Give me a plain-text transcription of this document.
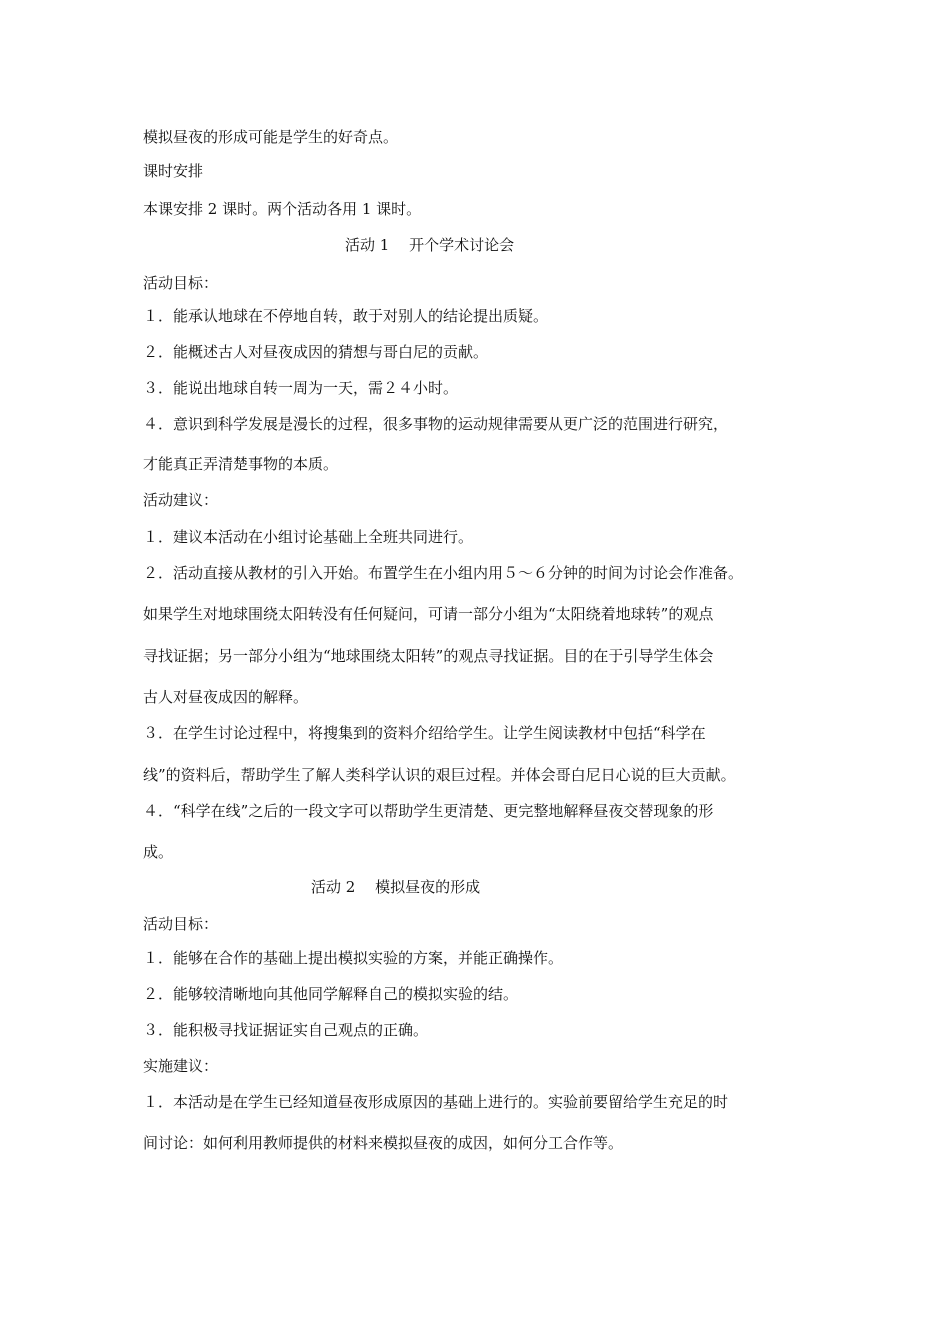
模拟昼夜的形成可能是学生的好奇点。
课时安排
本课安排 2 课时。两个活动各用 1 课时。
活动 1　 开个学术讨论会
活动目标：
１．能承认地球在不停地自转，敢于对别人的结论提出质疑。
２．能概述古人对昼夜成因的猜想与哥白尼的贡献。
３．能说出地球自转一周为一天，需２４小时。
４．意识到科学发展是漫长的过程，很多事物的运动规律需要从更广泛的范围进行研究，
才能真正弄清楚事物的本质。
活动建议：
１．建议本活动在小组讨论基础上全班共同进行。
２．活动直接从教材的引入开始。布置学生在小组内用５～６分钟的时间为讨论会作准备。
如果学生对地球围绕太阳转没有任何疑问，可请一部分小组为“太阳绕着地球转”的观点
寻找证据；另一部分小组为“地球围绕太阳转”的观点寻找证据。目的在于引导学生体会
古人对昼夜成因的解释。
３．在学生讨论过程中，将搜集到的资料介绍给学生。让学生阅读教材中包括“科学在
线”的资料后，帮助学生了解人类科学认识的艰巨过程。并体会哥白尼日心说的巨大贡献。
４．“科学在线”之后的一段文字可以帮助学生更清楚、更完整地解释昼夜交替现象的形
成。
活动 2　 模拟昼夜的形成
活动目标：
１．能够在合作的基础上提出模拟实验的方案，并能正确操作。
２．能够较清晰地向其他同学解释自己的模拟实验的结。
３．能积极寻找证据证实自己观点的正确。
实施建议：
１．本活动是在学生已经知道昼夜形成原因的基础上进行的。实验前要留给学生充足的时
间讨论：如何利用教师提供的材料来模拟昼夜的成因，如何分工合作等。
